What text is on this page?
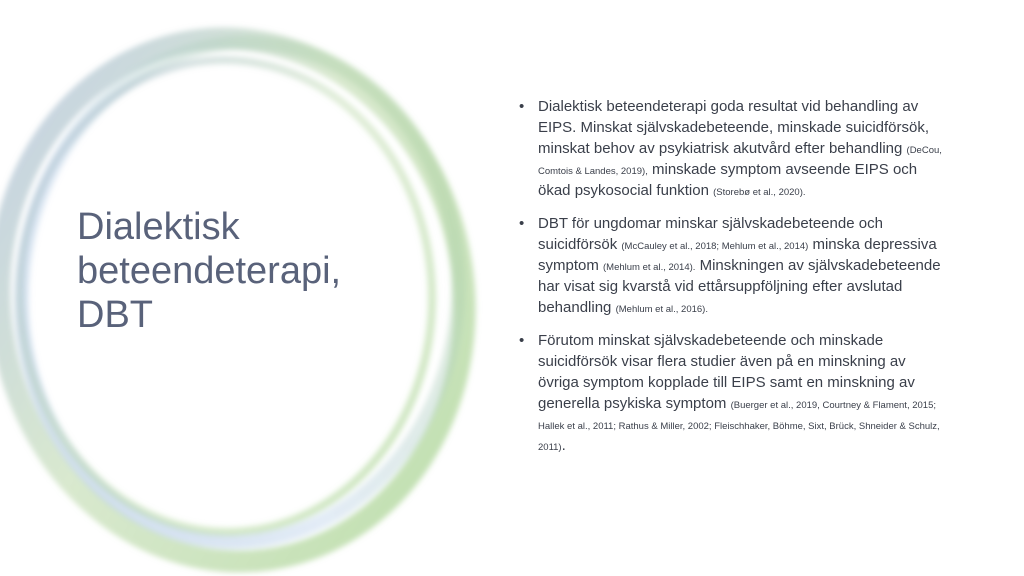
Dialektisk
beteendeterapi,
DBT
• Dialektisk beteendeterapi goda resultat vid behandling av EIPS. Minskat självskadebeteende, minskade suicidförsök, minskat behov av psykiatrisk akutvård efter behandling (DeCou, Comtois & Landes, 2019), minskade symptom avseende EIPS och ökad psykosocial funktion (Storebø et al., 2020).
• DBT för ungdomar minskar självskadebeteende och suicidförsök (McCauley et al., 2018; Mehlum et al., 2014) minska depressiva symptom (Mehlum et al., 2014). Minskningen av självskadebeteende har visat sig kvarstå vid ettårsuppföljning efter avslutad behandling (Mehlum et al., 2016).
• Förutom minskat självskadebeteende och minskade suicidförsök visar flera studier även på en minskning av övriga symptom kopplade till EIPS samt en minskning av generella psykiska symptom (Buerger et al., 2019, Courtney & Flament, 2015; Hallek et al., 2011; Rathus & Miller, 2002; Fleischhaker, Böhme, Sixt, Brück, Shneider & Schulz, 2011).
